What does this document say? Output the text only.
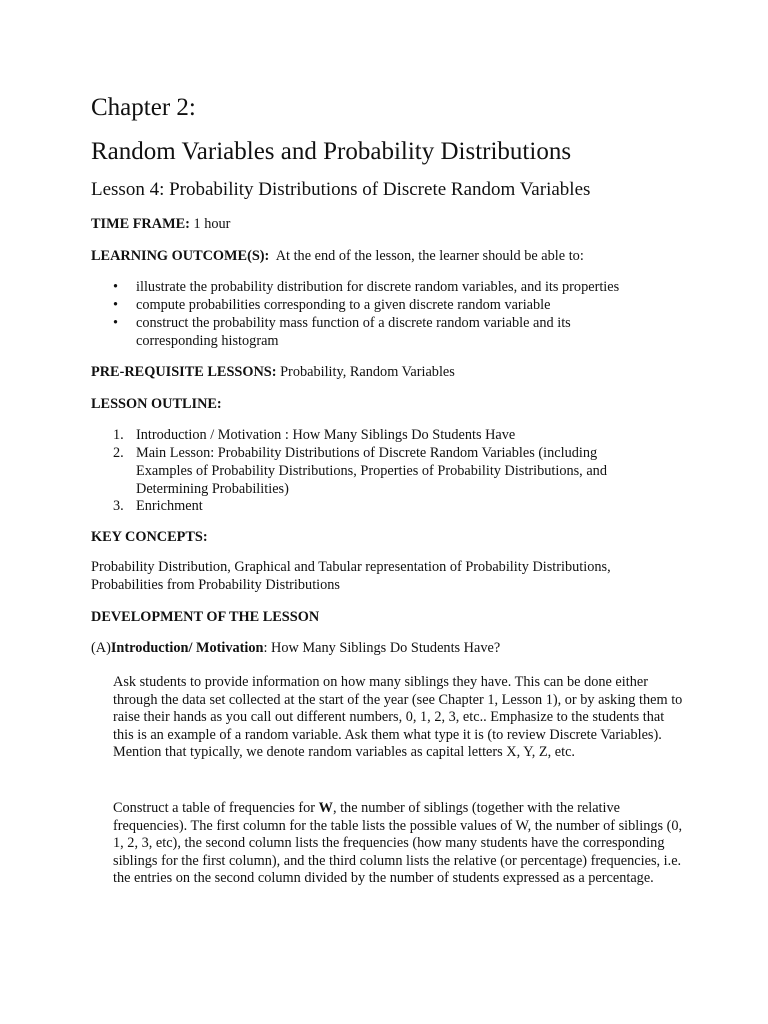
Chapter 2:
Random Variables and Probability Distributions
Lesson 4: Probability Distributions of Discrete Random Variables
TIME FRAME: 1 hour
LEARNING OUTCOME(S): At the end of the lesson, the learner should be able to:
•	illustrate the probability distribution for discrete random variables, and its properties
•	compute probabilities corresponding to a given discrete random variable
•	construct the probability mass function of a discrete random variable and its corresponding histogram
PRE-REQUISITE LESSONS: Probability, Random Variables
LESSON OUTLINE:
1. Introduction / Motivation : How Many Siblings Do Students Have
2. Main Lesson: Probability Distributions of Discrete Random Variables (including Examples of Probability Distributions, Properties of Probability Distributions, and Determining Probabilities)
3. Enrichment
KEY CONCEPTS:
Probability Distribution, Graphical and Tabular representation of Probability Distributions, Probabilities from Probability Distributions
DEVELOPMENT OF THE LESSON
(A)Introduction/ Motivation: How Many Siblings Do Students Have?
Ask students to provide information on how many siblings they have. This can be done either through the data set collected at the start of the year (see Chapter 1, Lesson 1), or by asking them to raise their hands as you call out different numbers, 0, 1, 2, 3, etc.. Emphasize to the students that this is an example of a random variable. Ask them what type it is (to review Discrete Variables). Mention that typically, we denote random variables as capital letters X, Y, Z, etc.
Construct a table of frequencies for W, the number of siblings (together with the relative frequencies). The first column for the table lists the possible values of W, the number of siblings (0, 1, 2, 3, etc), the second column lists the frequencies (how many students have the corresponding siblings for the first column), and the third column lists the relative (or percentage) frequencies, i.e. the entries on the second column divided by the number of students expressed as a percentage.
